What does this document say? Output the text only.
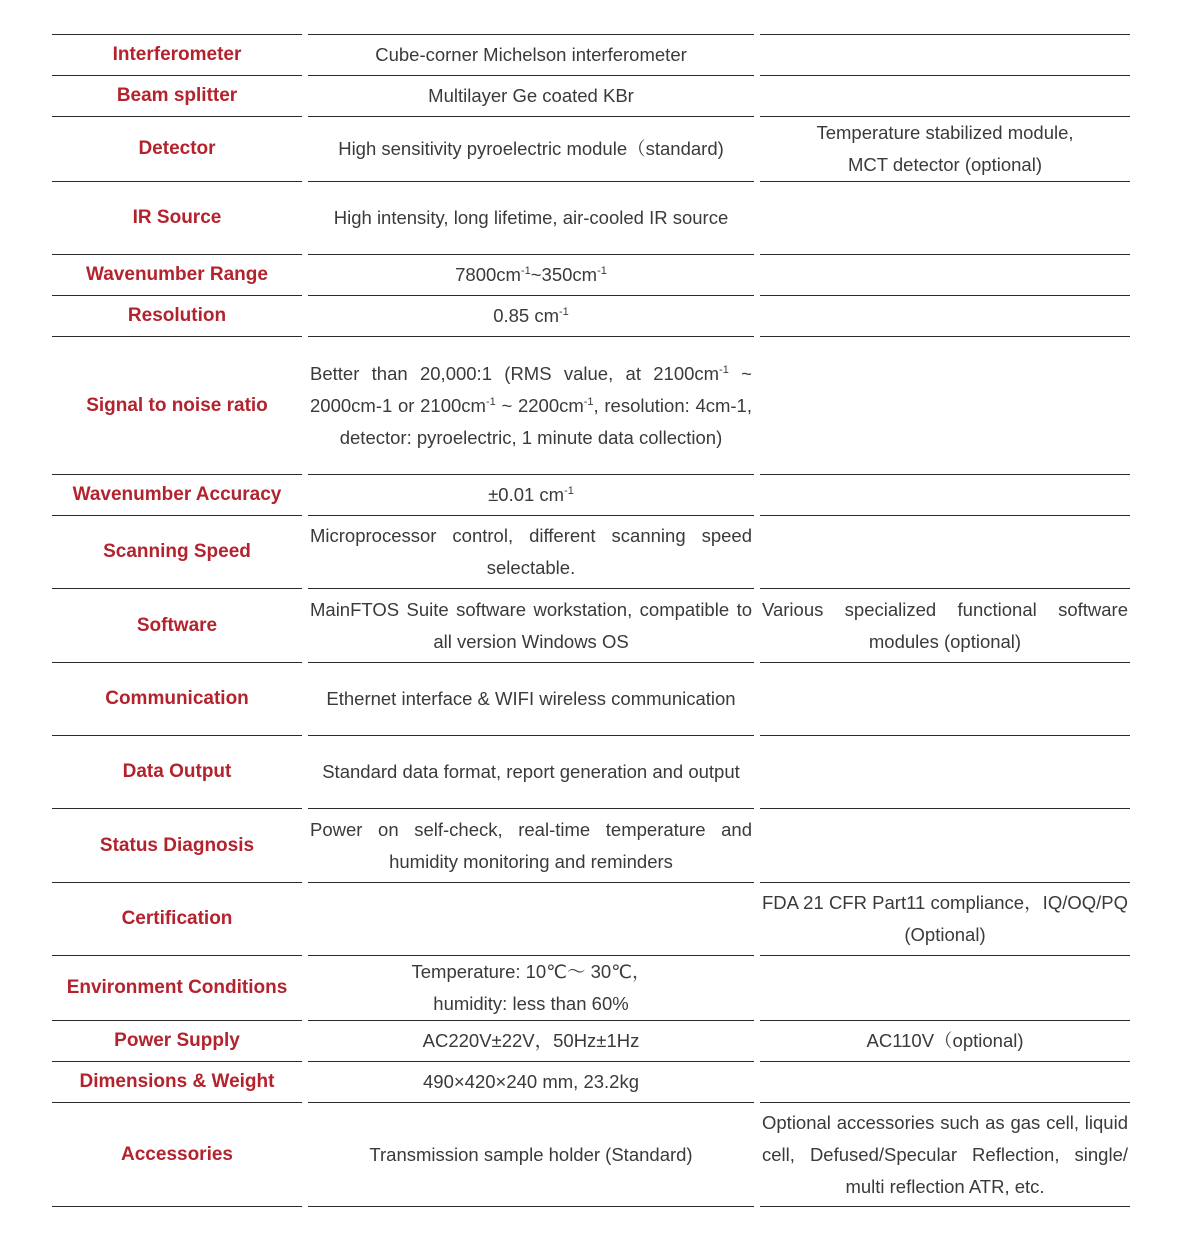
Interferometer	Cube-corner Michelson interferometer	
Beam splitter	Multilayer Ge coated KBr	
Detector	High sensitivity pyroelectric module（standard)	Temperature stabilized module,
MCT detector (optional)
IR Source	High intensity, long lifetime, air-cooled IR source	
Wavenumber Range	$7800cm^{-1}\sim 350cm^{-1}$	
Resolution	0.85 $cm^{-1}$	
Signal to noise ratio	Better than 20,000:1 (RMS value, at $2100cm^{-1}$ ~ 2000cm-1 or $2100cm^{-1}$ ~ $2200cm^{-1}$, resolution: 4cm-1, detector: pyroelectric, 1 minute data collection)	
Wavenumber Accuracy	±0.01 $cm^{-1}$	
Scanning Speed	Microprocessor control, different scanning speed selectable.	
Software	MainFTOS Suite software workstation, compatible to all version Windows OS	Various specialized functional software modules (optional)
Communication	Ethernet interface & WIFI wireless communication	
Data Output	Standard data format, report generation and output	
Status Diagnosis	Power on self-check, real-time temperature and humidity monitoring and reminders	
Certification		FDA 21 CFR Part11 compliance，IQ/OQ/PQ (Optional)
Environment Conditions	Temperature: 10℃～ 30℃，
humidity: less than 60%	
Power Supply	AC220V±22V，50Hz±1Hz	AC110V（optional)
Dimensions & Weight	490×420×240 mm, 23.2kg	
Accessories	Transmission sample holder (Standard)	Optional accessories such as gas cell, liquid cell, Defused/Specular Reflection, single/ multi reflection ATR, etc.
